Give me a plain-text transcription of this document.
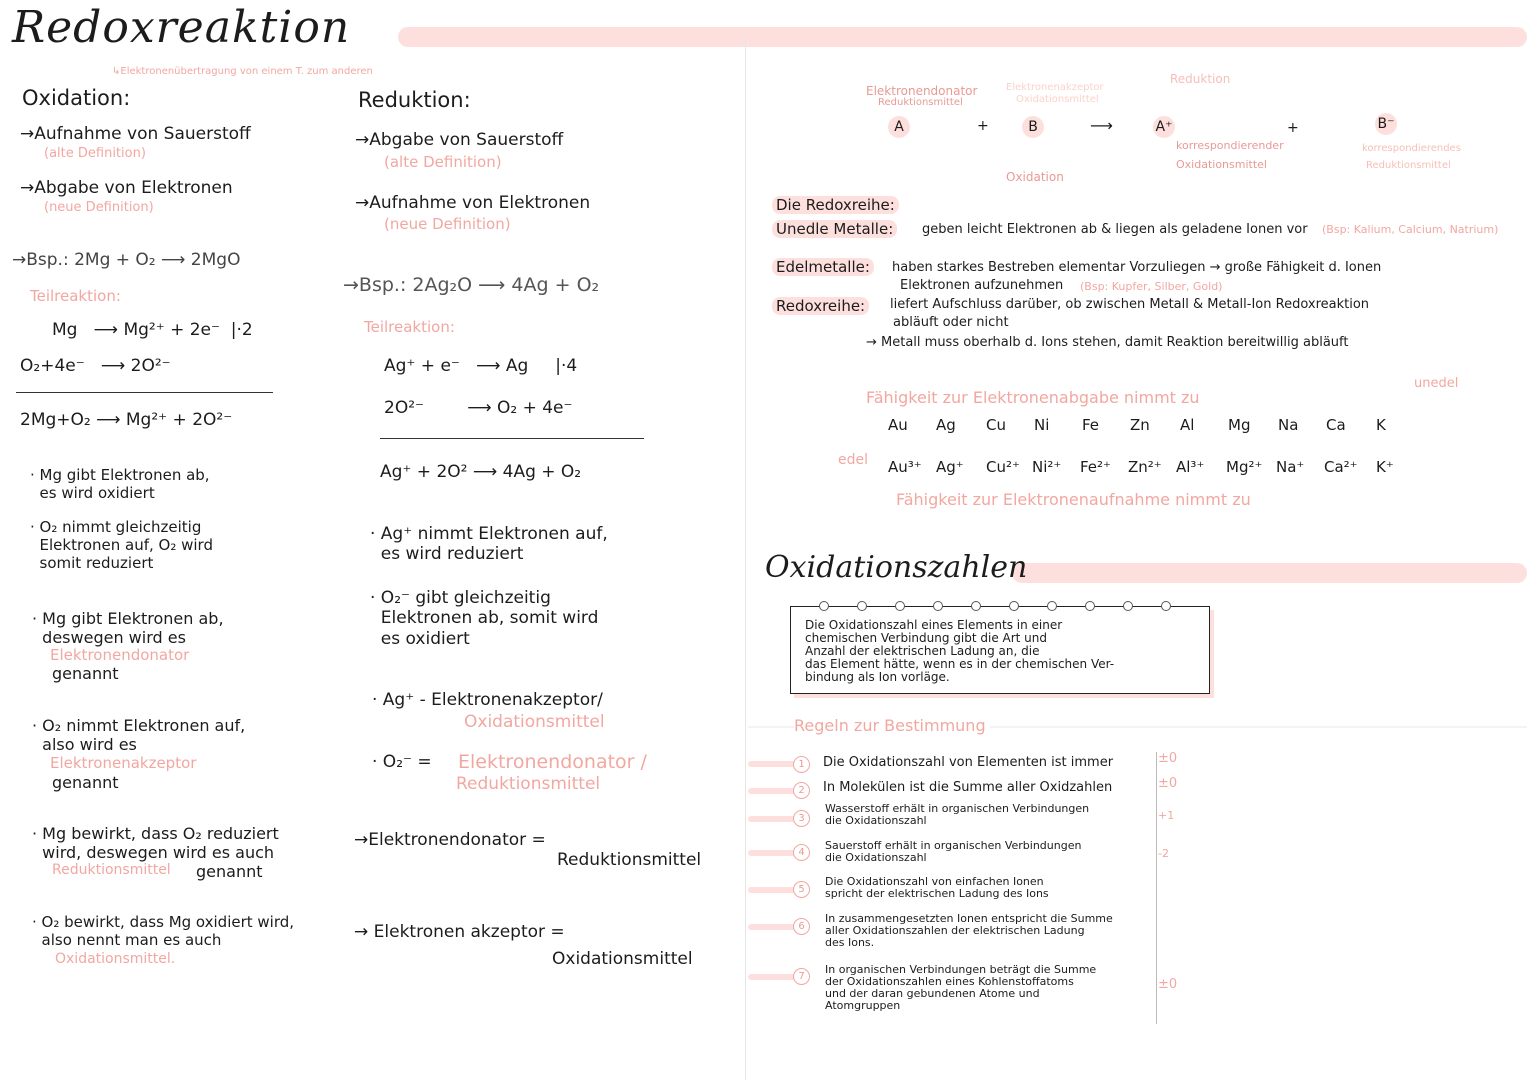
Redoxreaktion
↳Elektronenübertragung von einem T. zum anderen
Oxidation:
→Aufnahme von Sauerstoff
(alte Definition)
→Abgabe von Elektronen
(neue Definition)
→Bsp.: 2Mg + O₂ ⟶ 2MgO
Teilreaktion:
Mg   ⟶ Mg²⁺ + 2e⁻  |·2
O₂+4e⁻   ⟶ 2O²⁻
2Mg+O₂ ⟶ Mg²⁺ + 2O²⁻
· Mg gibt Elektronen ab,
es wird oxidiert
· O₂ nimmt gleichzeitig
Elektronen auf, O₂ wird
somit reduziert
· Mg gibt Elektronen ab,
deswegen wird es
Elektronendonator
genannt
· O₂ nimmt Elektronen auf,
also wird es
Elektronenakzeptor
genannt
· Mg bewirkt, dass O₂ reduziert
wird, deswegen wird es auch
Reduktionsmittel genannt
· O₂ bewirkt, dass Mg oxidiert wird,
also nennt man es auch
Oxidationsmittel.
Reduktion:
→Abgabe von Sauerstoff
(alte Definition)
→Aufnahme von Elektronen
(neue Definition)
→Bsp.: 2Ag₂O ⟶ 4Ag + O₂
Teilreaktion:
Ag⁺ + e⁻   ⟶ Ag     |·4
2O²⁻        ⟶ O₂ + 4e⁻
Ag⁺ + 2O² ⟶ 4Ag + O₂
· Ag⁺ nimmt Elektronen auf,
es wird reduziert
· O₂⁻ gibt gleichzeitig
Elektronen ab, somit wird
es oxidiert
· Ag⁺ - Elektronenakzeptor/
Oxidationsmittel
· O₂⁻ = Elektronendonator /
Reduktionsmittel
→Elektronendonator =
Reduktionsmittel
→ Elektronen akzeptor =
Oxidationsmittel
Elektronendonator
Reduktionsmittel
Elektronenakzeptor
Oxidationsmittel
Reduktion
Oxidation
A	+	B	⟶	A⁺	+	B⁻
korrespondierender
Oxidationsmittel
korrespondierendes
Reduktionsmittel
Die Redoxreihe:
Unedle Metalle:	geben leicht Elektronen ab & liegen als geladene Ionen vor (Bsp: Kalium, Calcium, Natrium)
Edelmetalle:	haben starkes Bestreben elementar Vorzuliegen → große Fähigkeit d. Ionen
Elektronen aufzunehmen (Bsp: Kupfer, Silber, Gold)
Redoxreihe:	liefert Aufschluss darüber, ob zwischen Metall & Metall-Ion Redoxreaktion
abläuft oder nicht
→ Metall muss oberhalb d. Ions stehen, damit Reaktion bereitwillig abläuft
Fähigkeit zur Elektronenabgabe nimmt zu
unedel
edel
Au Ag Cu Ni Fe Zn Al Mg Na Ca K
Au³⁺ Ag⁺ Cu²⁺ Ni²⁺ Fe²⁺ Zn²⁺ Al³⁺ Mg²⁺ Na⁺ Ca²⁺ K⁺
Fähigkeit zur Elektronenaufnahme nimmt zu
Oxidationszahlen
Die Oxidationszahl eines Elements in einer
chemischen Verbindung gibt die Art und
Anzahl der elektrischen Ladung an, die
das Element hätte, wenn es in der chemischen Ver-
bindung als Ion vorläge.
Regeln zur Bestimmung
1	Die Oxidationszahl von Elementen ist immer	±0
2	In Molekülen ist die Summe aller Oxidzahlen	±0
3
Wasserstoff erhält in organischen Verbindungen
die Oxidationszahl	+1
4
Sauerstoff erhält in organischen Verbindungen
die Oxidationszahl	-2
5
Die Oxidationszahl von einfachen Ionen
spricht der elektrischen Ladung des Ions
6
In zusammengesetzten Ionen entspricht die Summe
aller Oxidationszahlen der elektrischen Ladung
des Ions.
7
In organischen Verbindungen beträgt die Summe
der Oxidationszahlen eines Kohlenstoffatoms
und der daran gebundenen Atome und
Atomgruppen
±0
